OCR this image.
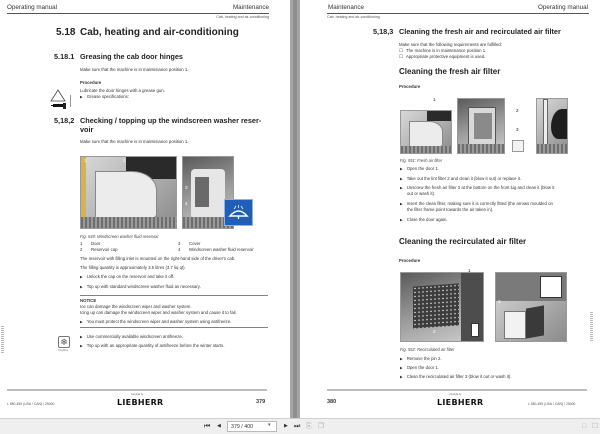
Operating manual	Maintenance
Cab, heating and air-conditioning
5.18 Cab, heating and air-conditioning
5.18.1 Greasing the cab door hinges
Make sure that the machine is in maintenance position 1.
Procedure
Lubricate the door hinges with a grease gun.
▶ Grease specifications:
5,18,2 Checking / topping up the windscreen washer reser-
voir
Make sure that the machine is in maintenance position 1.
1	2
3
4
Fig. 549: Windscreen washer fluid reservoir
1 Door
2 Reservoir cap
3 Cover
4 Windscreen washer fluid reservoir
The reservoir with filling inlet is mounted on the right-hand side of the driver's cab.
The filling quantity is approximately 3.5 litres (3.7 liq qt).
▶ Unlock the cap on the reservoir and take it off.
▶ Top up with standard windscreen washer fluid as necessary.
NOTICE
Ice can damage the windscreen wiper and washer system.
Icing up can damage the windscreen wiper and washer system and cause it to fail.
▶ You must protect the windscreen wiper and washer system using antifreeze.
❄
OnlyDiwe
▶ Use commercially available windscreen antifreeze.
▶ Top up with an appropriate quantity of antifreeze before the winter starts.
L 580-459 (USA / CAN) / 25400
copyright by
LIEBHERR	379
Maintenance	Operating manual
Cab, heating and air-conditioning
5,18,3 Cleaning the fresh air and recirculated air filter
Make sure that the following requirements are fulfilled:
☐ The machine is in maintenance position 1.
☐ Appropriate protective equipment is used.
Cleaning the fresh air filter
Procedure
1
2
3
Fig. 551: Fresh air filter
▶ Open the door 1.
▶ Take out the lint filter 2 and clean it (blow it out) or replace it.
▶ Unscrew the fresh air filter 3 at the bottom on the front lug and clean it (blow it
out or wash it).
▶ Insert the clean filter, making sure it is correctly fitted (the arrows moulded on
the filter frame point towards the air taken in).
▶ Close the door again.
Cleaning the recirculated air filter
Procedure
2
1
3
Fig. 552: Recirculated air filter
▶ Remove the pin 2.
▶ Open the door 1.
▶ Clean the recirculated air filter 3 (blow it out or wash it).
380
copyright by
LIEBHERR	L 580-459 (USA / CAN) / 25400
⏮ ◀	379 / 400	▾	▶ ⏭ ⎘ ❐	□ ☐
